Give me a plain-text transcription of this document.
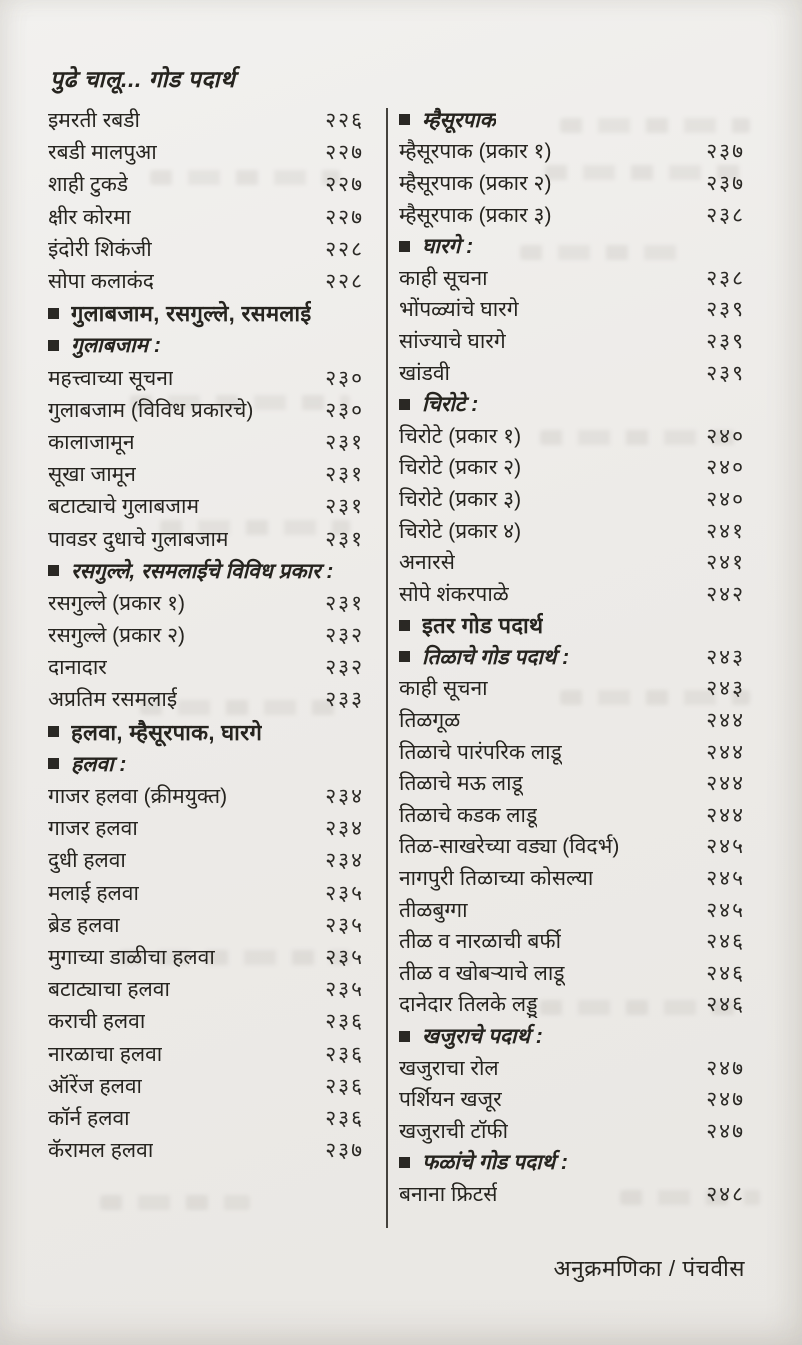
पुढे चालू... गोड पदार्थ
इमरती रबडी	२२६
रबडी मालपुआ	२२७
शाही टुकडे	२२७
क्षीर कोरमा	२२७
इंदोरी शिकंजी	२२८
सोपा कलाकंद	२२८
गुलाबजाम, रसगुल्ले, रसमलाई
गुलाबजाम :
महत्त्वाच्या सूचना	२३०
गुलाबजाम (विविध प्रकारचे)	२३०
कालाजामून	२३१
सूखा जामून	२३१
बटाट्याचे गुलाबजाम	२३१
पावडर दुधाचे गुलाबजाम	२३१
रसगुल्ले, रसमलाईचे विविध प्रकार :
रसगुल्ले (प्रकार १)	२३१
रसगुल्ले (प्रकार २)	२३२
दानादार	२३२
अप्रतिम रसमलाई	२३३
हलवा, म्हैसूरपाक, घारगे
हलवा :
गाजर हलवा (क्रीमयुक्त)	२३४
गाजर हलवा	२३४
दुधी हलवा	२३४
मलाई हलवा	२३५
ब्रेड हलवा	२३५
मुगाच्या डाळीचा हलवा	२३५
बटाट्याचा हलवा	२३५
कराची हलवा	२३६
नारळाचा हलवा	२३६
ऑरेंज हलवा	२३६
कॉर्न हलवा	२३६
कॅरामल हलवा	२३७
म्हैसूरपाक
म्हैसूरपाक (प्रकार १)	२३७
म्हैसूरपाक (प्रकार २)	२३७
म्हैसूरपाक (प्रकार ३)	२३८
घारगे :
काही सूचना	२३८
भोंपळ्यांचे घारगे	२३९
सांज्याचे घारगे	२३९
खांडवी	२३९
चिरोटे :
चिरोटे (प्रकार १)	२४०
चिरोटे (प्रकार २)	२४०
चिरोटे (प्रकार ३)	२४०
चिरोटे (प्रकार ४)	२४१
अनारसे	२४१
सोपे शंकरपाळे	२४२
इतर गोड पदार्थ
तिळाचे गोड पदार्थ :	२४३
काही सूचना	२४३
तिळगूळ	२४४
तिळाचे पारंपरिक लाडू	२४४
तिळाचे मऊ लाडू	२४४
तिळाचे कडक लाडू	२४४
तिळ-साखरेच्या वड्या (विदर्भ)	२४५
नागपुरी तिळाच्या कोसल्या	२४५
तीळबुग्गा	२४५
तीळ व नारळाची बर्फी	२४६
तीळ व खोबऱ्याचे लाडू	२४६
दानेदार तिलके लड्डू	२४६
खजुराचे पदार्थ :
खजुराचा रोल	२४७
पर्शियन खजूर	२४७
खजुराची टॉफी	२४७
फळांचे गोड पदार्थ :
बनाना फ्रिटर्स	२४८
अनुक्रमणिका / पंचवीस
